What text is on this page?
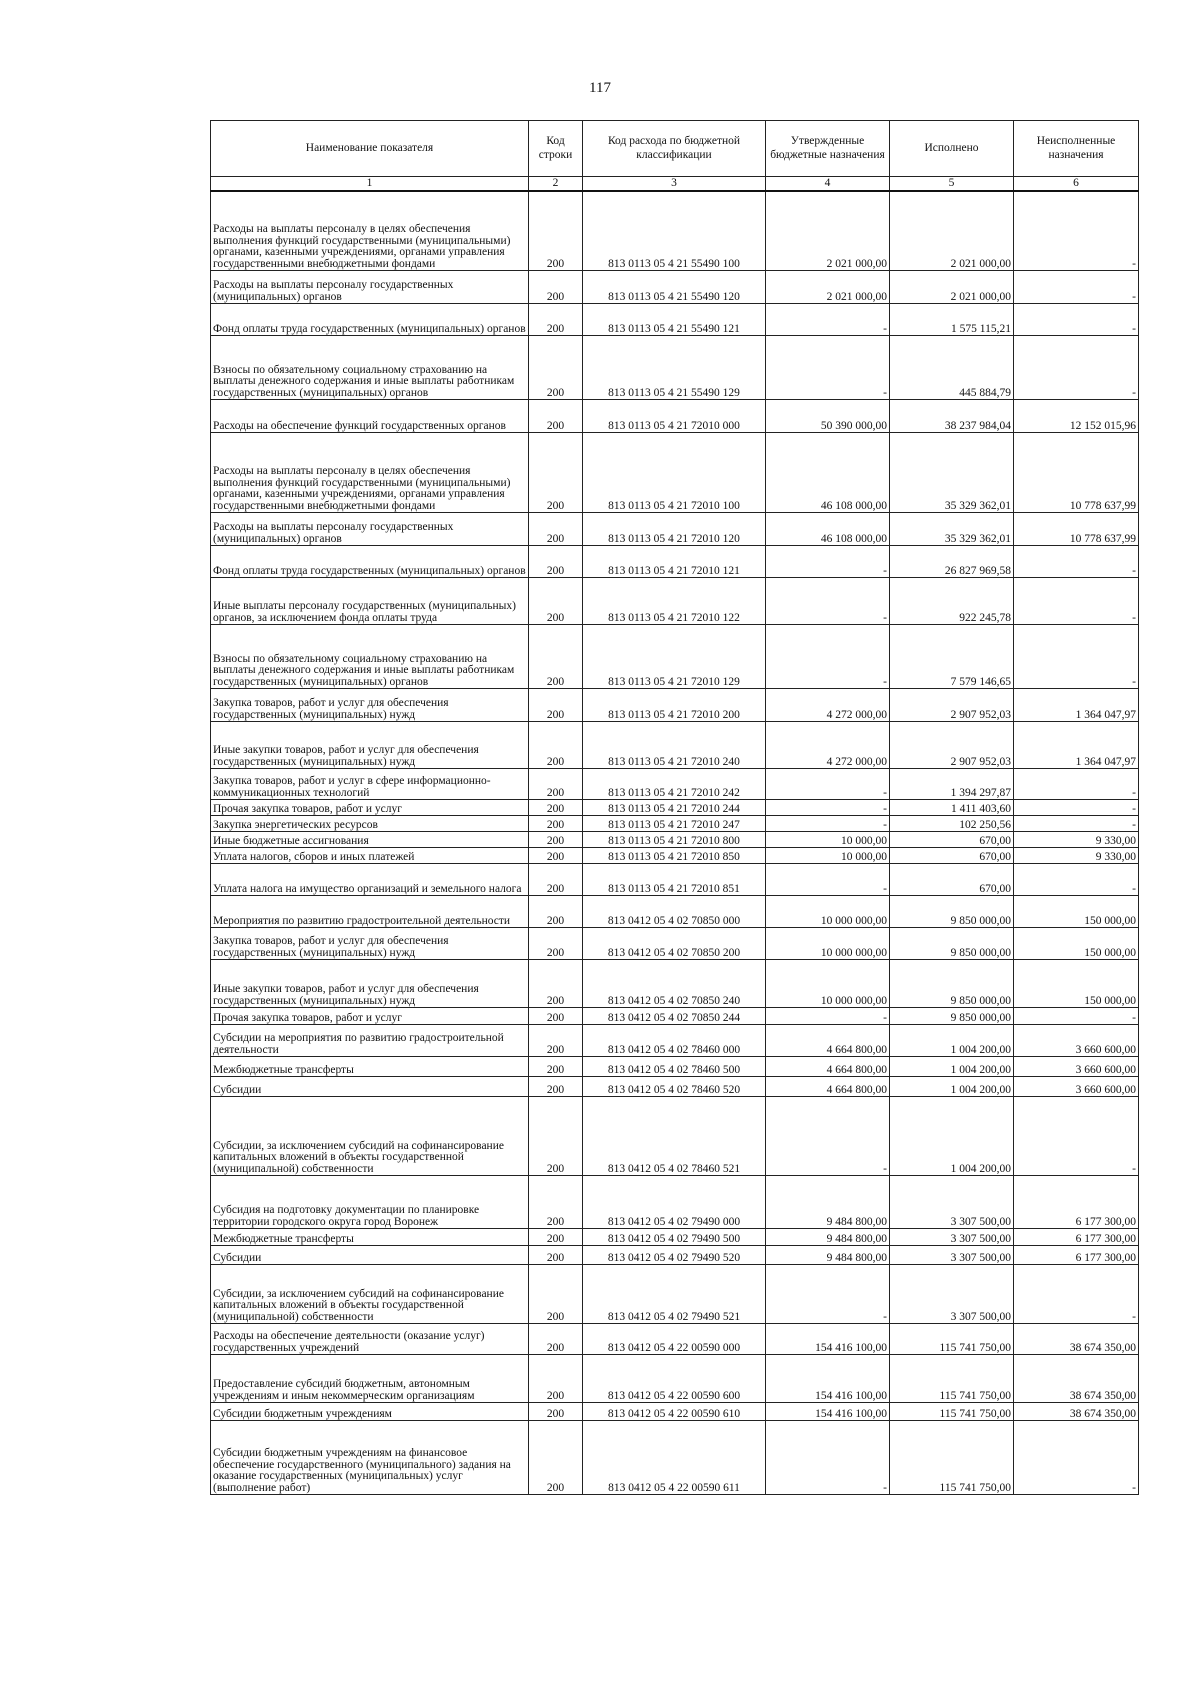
117
Наименование показателя	Код строки	Код расхода по бюджетной классификации	Утвержденные бюджетные назначения	Исполнено	Неисполненные назначения
1	2	3	4	5	6
Расходы на выплаты персоналу в целях обеспечения выполнения функций государственными (муниципальными) органами, казенными учреждениями, органами управления государственными внебюджетными фондами	200	813 0113 05 4 21 55490 100	2 021 000,00	2 021 000,00	-
Расходы на выплаты персоналу государственных (муниципальных) органов	200	813 0113 05 4 21 55490 120	2 021 000,00	2 021 000,00	-
Фонд оплаты труда государственных (муниципальных) органов	200	813 0113 05 4 21 55490 121	-	1 575 115,21	-
Взносы по обязательному социальному страхованию на выплаты денежного содержания и иные выплаты работникам государственных (муниципальных) органов	200	813 0113 05 4 21 55490 129	-	445 884,79	-
Расходы на обеспечение функций государственных органов	200	813 0113 05 4 21 72010 000	50 390 000,00	38 237 984,04	12 152 015,96
Расходы на выплаты персоналу в целях обеспечения выполнения функций государственными (муниципальными) органами, казенными учреждениями, органами управления государственными внебюджетными фондами	200	813 0113 05 4 21 72010 100	46 108 000,00	35 329 362,01	10 778 637,99
Расходы на выплаты персоналу государственных (муниципальных) органов	200	813 0113 05 4 21 72010 120	46 108 000,00	35 329 362,01	10 778 637,99
Фонд оплаты труда государственных (муниципальных) органов	200	813 0113 05 4 21 72010 121	-	26 827 969,58	-
Иные выплаты персоналу государственных (муниципальных) органов, за исключением фонда оплаты труда	200	813 0113 05 4 21 72010 122	-	922 245,78	-
Взносы по обязательному социальному страхованию на выплаты денежного содержания и иные выплаты работникам государственных (муниципальных) органов	200	813 0113 05 4 21 72010 129	-	7 579 146,65	-
Закупка товаров, работ и услуг для обеспечения государственных (муниципальных) нужд	200	813 0113 05 4 21 72010 200	4 272 000,00	2 907 952,03	1 364 047,97
Иные закупки товаров, работ и услуг для обеспечения государственных (муниципальных) нужд	200	813 0113 05 4 21 72010 240	4 272 000,00	2 907 952,03	1 364 047,97
Закупка товаров, работ и услуг в сфере информационно-коммуникационных технологий	200	813 0113 05 4 21 72010 242	-	1 394 297,87	-
Прочая закупка товаров, работ и услуг	200	813 0113 05 4 21 72010 244	-	1 411 403,60	-
Закупка энергетических ресурсов	200	813 0113 05 4 21 72010 247	-	102 250,56	-
Иные бюджетные ассигнования	200	813 0113 05 4 21 72010 800	10 000,00	670,00	9 330,00
Уплата налогов, сборов и иных платежей	200	813 0113 05 4 21 72010 850	10 000,00	670,00	9 330,00
Уплата налога на имущество организаций и земельного налога	200	813 0113 05 4 21 72010 851	-	670,00	-
Мероприятия по развитию градостроительной деятельности	200	813 0412 05 4 02 70850 000	10 000 000,00	9 850 000,00	150 000,00
Закупка товаров, работ и услуг для обеспечения государственных (муниципальных) нужд	200	813 0412 05 4 02 70850 200	10 000 000,00	9 850 000,00	150 000,00
Иные закупки товаров, работ и услуг для обеспечения государственных (муниципальных) нужд	200	813 0412 05 4 02 70850 240	10 000 000,00	9 850 000,00	150 000,00
Прочая закупка товаров, работ и услуг	200	813 0412 05 4 02 70850 244	-	9 850 000,00	-
Субсидии на мероприятия по развитию градостроительной деятельности	200	813 0412 05 4 02 78460 000	4 664 800,00	1 004 200,00	3 660 600,00
Межбюджетные трансферты	200	813 0412 05 4 02 78460 500	4 664 800,00	1 004 200,00	3 660 600,00
Субсидии	200	813 0412 05 4 02 78460 520	4 664 800,00	1 004 200,00	3 660 600,00
Субсидии, за исключением субсидий на софинансирование капитальных вложений в объекты государственной (муниципальной) собственности	200	813 0412 05 4 02 78460 521	-	1 004 200,00	-
Субсидия на подготовку документации по планировке территории городского округа город Воронеж	200	813 0412 05 4 02 79490 000	9 484 800,00	3 307 500,00	6 177 300,00
Межбюджетные трансферты	200	813 0412 05 4 02 79490 500	9 484 800,00	3 307 500,00	6 177 300,00
Субсидии	200	813 0412 05 4 02 79490 520	9 484 800,00	3 307 500,00	6 177 300,00
Субсидии, за исключением субсидий на софинансирование капитальных вложений в объекты государственной (муниципальной) собственности	200	813 0412 05 4 02 79490 521	-	3 307 500,00	-
Расходы на обеспечение деятельности (оказание услуг) государственных учреждений	200	813 0412 05 4 22 00590 000	154 416 100,00	115 741 750,00	38 674 350,00
Предоставление субсидий бюджетным, автономным учреждениям и иным некоммерческим организациям	200	813 0412 05 4 22 00590 600	154 416 100,00	115 741 750,00	38 674 350,00
Субсидии бюджетным учреждениям	200	813 0412 05 4 22 00590 610	154 416 100,00	115 741 750,00	38 674 350,00
Субсидии бюджетным учреждениям на финансовое обеспечение государственного (муниципального) задания на оказание государственных (муниципальных) услуг (выполнение работ)	200	813 0412 05 4 22 00590 611	-	115 741 750,00	-
